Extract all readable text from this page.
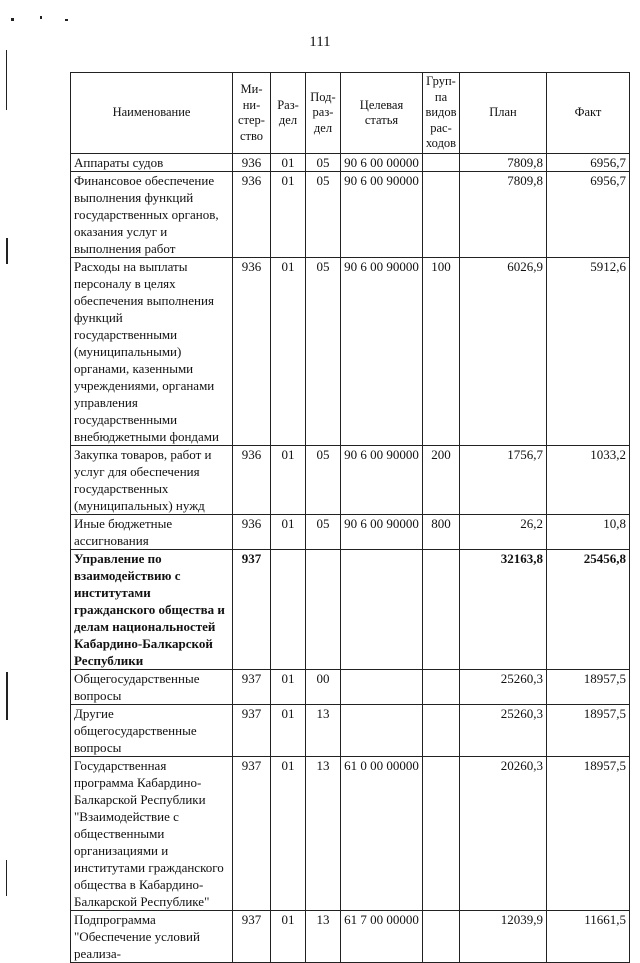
111
Наименование	Ми-ни-стер-ство	Раз-дел	Под-раз-дел	Целевая статья	Груп-па видов рас-ходов	План	Факт
Аппараты судов	936	01	05	90 6 00 00000		7809,8	6956,7
Финансовое обеспечение выполнения функций государственных органов, оказания услуг и выполнения работ	936	01	05	90 6 00 90000		7809,8	6956,7
Расходы на выплаты персоналу в целях обеспечения выполнения функций государственными (муниципальными) органами, казенными учреждениями, органами управления государственными внебюджетными фондами	936	01	05	90 6 00 90000	100	6026,9	5912,6
Закупка товаров, работ и услуг для обеспечения государственных (муниципальных) нужд	936	01	05	90 6 00 90000	200	1756,7	1033,2
Иные бюджетные ассигнования	936	01	05	90 6 00 90000	800	26,2	10,8
Управление по взаимодействию с институтами гражданского общества и делам национальностей Кабардино-Балкарской Республики	937					32163,8	25456,8
Общегосударственные вопросы	937	01	00			25260,3	18957,5
Другие общегосударственные вопросы	937	01	13			25260,3	18957,5
Государственная программа Кабардино-Балкарской Республики "Взаимодействие с общественными организациями и институтами гражданского общества в Кабардино-Балкарской Республике"	937	01	13	61 0 00 00000		20260,3	18957,5
Подпрограмма "Обеспечение условий реализа-	937	01	13	61 7 00 00000		12039,9	11661,5
